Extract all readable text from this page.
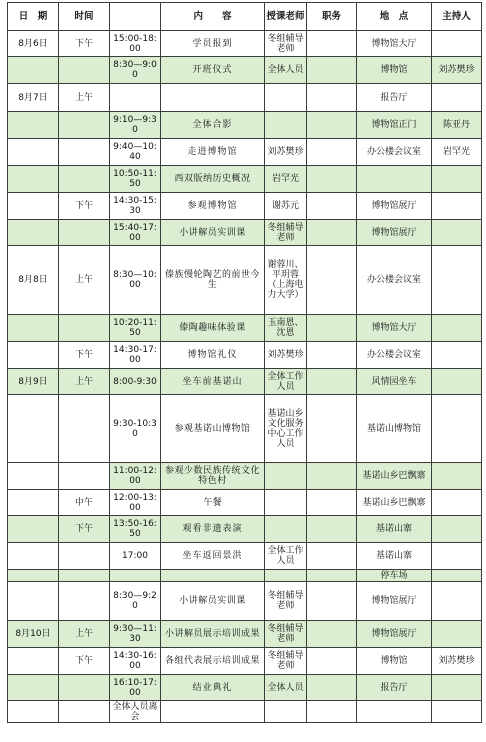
日　期	时间		内　　容	授课老师	职务	地　点	主持人
8月6日	下午	15:00-18:00	学员报到	冬组辅导老师		博物馆大厅	
		8:30—9:00	开班仪式	全体人员		博物馆	刘苏樊珍
8月7日	上午					报告厅	
		9:10—9:30	全体合影			博物馆正门	陈亚丹
		9:40—10:40	走进博物馆	刘苏樊珍		办公楼会议室	岩罕光
		10:50-11:50	西双版纳历史概况	岩罕光			
	下午	14:30-15:30	参观博物馆	谢苏元		博物馆展厅	
		15:40-17:00	小讲解员实训课	冬组辅导老师		博物馆展厅	
8月8日	上午	8:30—10:00	傣族慢轮陶艺的前世今生	谢蓉川、平玥蓉（上海电力大学）		办公楼会议室	
		10:20-11:50	傣陶趣味体验课	玉南恩、沈恩		博物馆大厅	
	下午	14:30-17:00	博物馆礼仪	刘苏樊珍		办公楼会议室	
8月9日	上午	8:00-9:30	坐车前基诺山	全体工作人员		风情园坐车	
		9:30-10:30	参观基诺山博物馆	基诺山乡文化服务中心工作人员		基诺山博物馆	
		11:00-12:00	参观少数民族传统文化特色村			基诺山乡巴飘寨	
	中午	12:00-13:00	午餐			基诺山乡巴飘寨	
	下午	13:50-16:50	观看非遗表演			基诺山寨	
		17:00	坐车返回景洪	全体工作人员		基诺山寨	
						停车场	
		8:30—9:20	小讲解员实训课	冬组辅导老师		博物馆展厅	
8月10日	上午	9:30—11:30	小讲解员展示培训成果	冬组辅导老师		博物馆展厅	
	下午	14:30-16:00	各组代表展示培训成果	冬组辅导老师		博物馆	刘苏樊珍
		16:10-17:00	结业典礼	全体人员		报告厅	
		全体人员离会					
